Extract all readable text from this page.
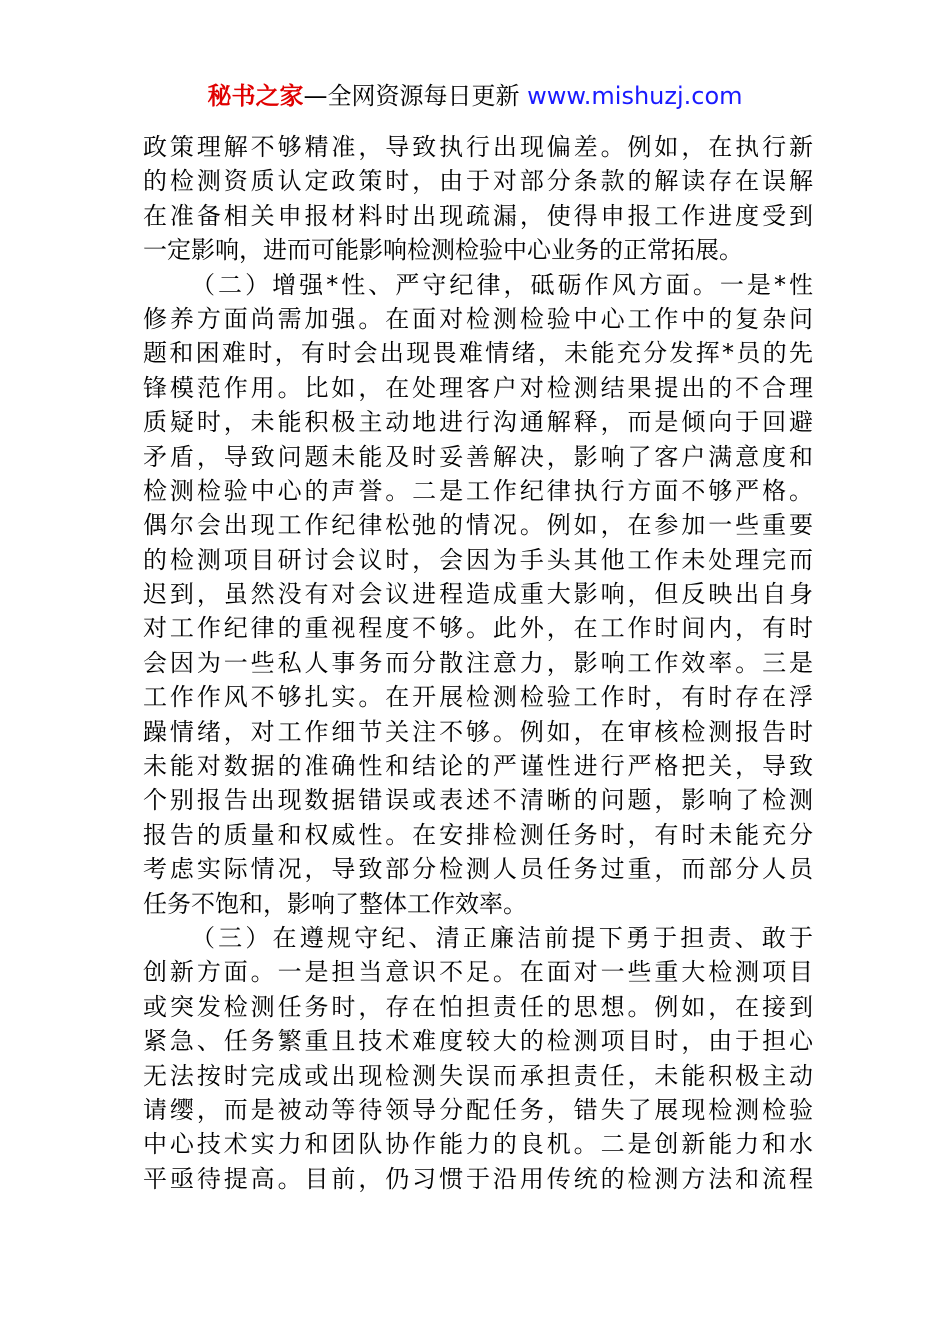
秘书之家—全网资源每日更新 www.mishuzj.com
政策理解不够精准，导致执行出现偏差。例如，在执行新
的检测资质认定政策时，由于对部分条款的解读存在误解
在准备相关申报材料时出现疏漏，使得申报工作进度受到
一定影响，进而可能影响检测检验中心业务的正常拓展。
（二）增强*性、严守纪律，砥砺作风方面。一是*性
修养方面尚需加强。在面对检测检验中心工作中的复杂问
题和困难时，有时会出现畏难情绪，未能充分发挥*员的先
锋模范作用。比如，在处理客户对检测结果提出的不合理
质疑时，未能积极主动地进行沟通解释，而是倾向于回避
矛盾，导致问题未能及时妥善解决，影响了客户满意度和
检测检验中心的声誉。二是工作纪律执行方面不够严格。
偶尔会出现工作纪律松弛的情况。例如，在参加一些重要
的检测项目研讨会议时，会因为手头其他工作未处理完而
迟到，虽然没有对会议进程造成重大影响，但反映出自身
对工作纪律的重视程度不够。此外，在工作时间内，有时
会因为一些私人事务而分散注意力，影响工作效率。三是
工作作风不够扎实。在开展检测检验工作时，有时存在浮
躁情绪，对工作细节关注不够。例如，在审核检测报告时
未能对数据的准确性和结论的严谨性进行严格把关，导致
个别报告出现数据错误或表述不清晰的问题，影响了检测
报告的质量和权威性。在安排检测任务时，有时未能充分
考虑实际情况，导致部分检测人员任务过重，而部分人员
任务不饱和，影响了整体工作效率。
（三）在遵规守纪、清正廉洁前提下勇于担责、敢于
创新方面。一是担当意识不足。在面对一些重大检测项目
或突发检测任务时，存在怕担责任的思想。例如，在接到
紧急、任务繁重且技术难度较大的检测项目时，由于担心
无法按时完成或出现检测失误而承担责任，未能积极主动
请缨，而是被动等待领导分配任务，错失了展现检测检验
中心技术实力和团队协作能力的良机。二是创新能力和水
平亟待提高。目前，仍习惯于沿用传统的检测方法和流程
